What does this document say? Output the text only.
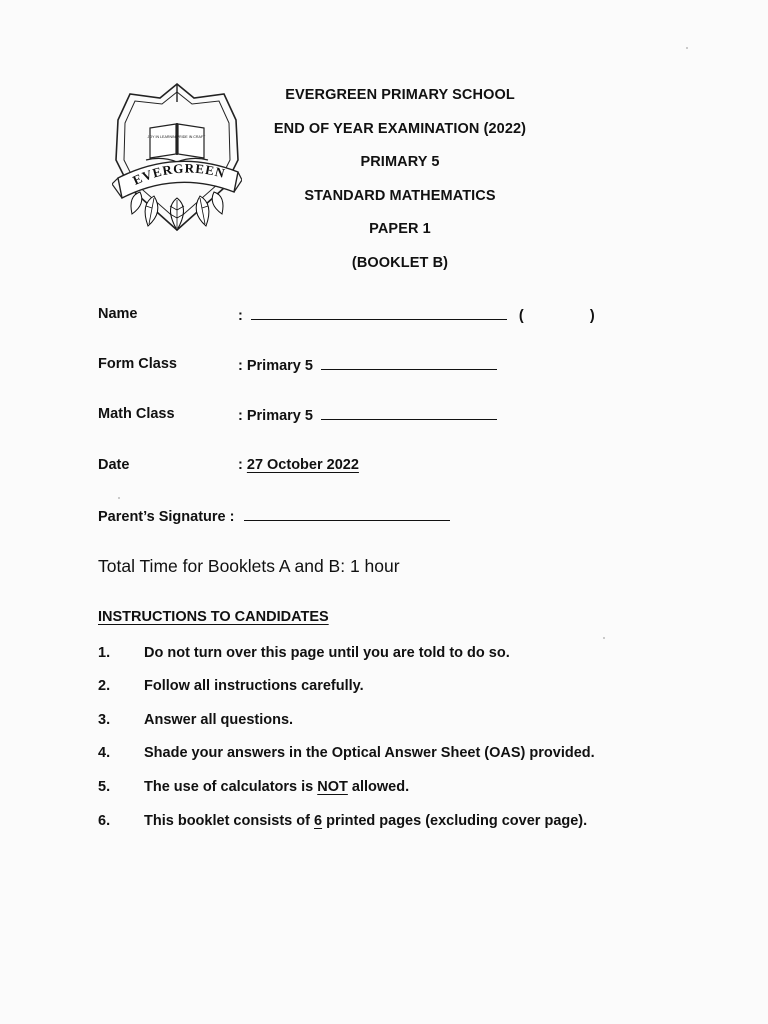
JOY IN LEARNING
PRIDE IN CRAFT
EVERGREEN
EVERGREEN PRIMARY SCHOOL
END OF YEAR EXAMINATION (2022)
PRIMARY 5
STANDARD MATHEMATICS
PAPER 1
(BOOKLET B)
Name	:	(	)
Form Class	: Primary 5
Math Class	: Primary 5
Date	: 27 October 2022
Parent’s Signature :
Total Time for Booklets A and B: 1 hour
INSTRUCTIONS TO CANDIDATES
1. Do not turn over this page until you are told to do so.
2. Follow all instructions carefully.
3. Answer all questions.
4. Shade your answers in the Optical Answer Sheet (OAS) provided.
5. The use of calculators is NOT allowed.
6. This booklet consists of 6 printed pages (excluding cover page).
